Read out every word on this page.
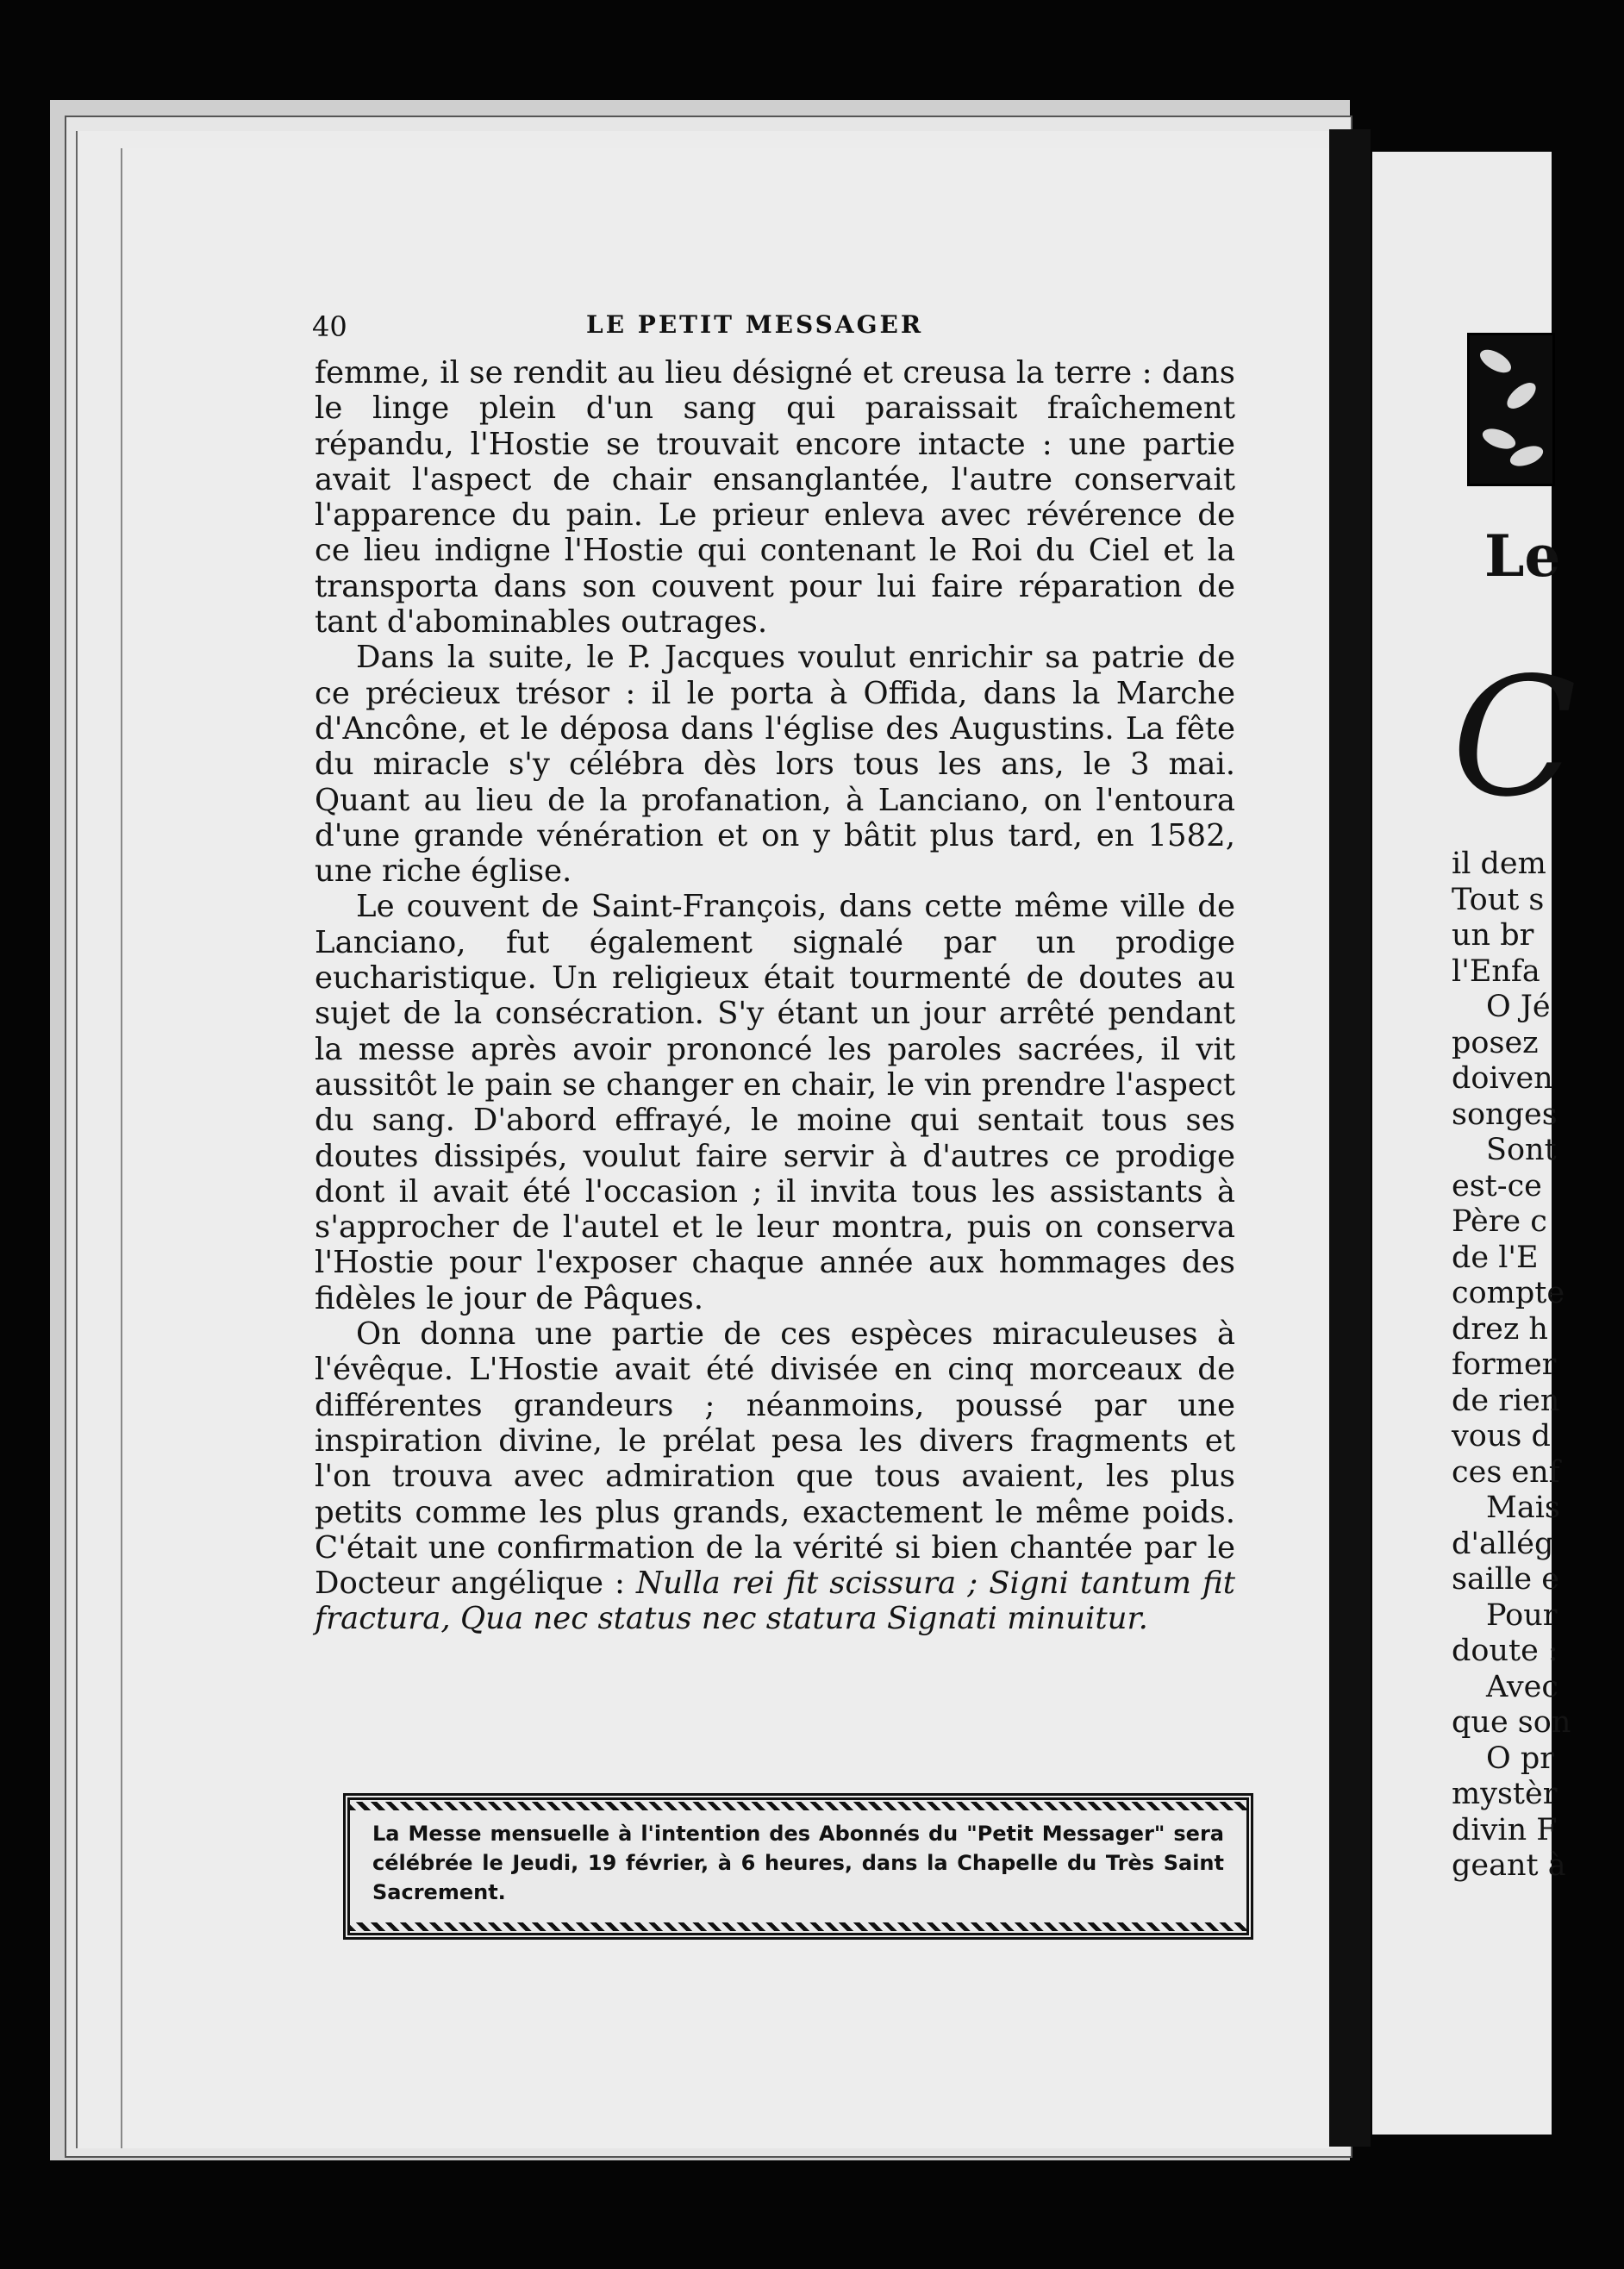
40	LE PETIT MESSAGER

femme, il se rendit au lieu désigné et creusa la terre : dans le linge plein d'un sang qui paraissait fraîchement répandu, l'Hostie se trouvait encore intacte : une partie avait l'aspect de chair ensanglantée, l'autre conservait l'apparence du pain. Le prieur enleva avec révérence de ce lieu indigne l'Hostie qui contenant le Roi du Ciel et la transporta dans son couvent pour lui faire réparation de tant d'abominables outrages.

Dans la suite, le P. Jacques voulut enrichir sa patrie de ce précieux trésor : il le porta à Offida, dans la Marche d'Ancône, et le déposa dans l'église des Augustins. La fête du miracle s'y célébra dès lors tous les ans, le 3 mai. Quant au lieu de la profanation, à Lanciano, on l'entoura d'une grande vénération et on y bâtit plus tard, en 1582, une riche église.

Le couvent de Saint-François, dans cette même ville de Lanciano, fut également signalé par un prodige eucharistique. Un religieux était tourmenté de doutes au sujet de la consécration. S'y étant un jour arrêté pendant la messe après avoir prononcé les paroles sacrées, il vit aussitôt le pain se changer en chair, le vin prendre l'aspect du sang. D'abord effrayé, le moine qui sentait tous ses doutes dissipés, voulut faire servir à d'autres ce prodige dont il avait été l'occasion ; il invita tous les assistants à s'approcher de l'autel et le leur montra, puis on conserva l'Hostie pour l'exposer chaque année aux hommages des fidèles le jour de Pâques.

On donna une partie de ces espèces miraculeuses à l'évêque. L'Hostie avait été divisée en cinq morceaux de différentes grandeurs ; néanmoins, poussé par une inspiration divine, le prélat pesa les divers fragments et l'on trouva avec admiration que tous avaient, les plus petits comme les plus grands, exactement le même poids. C'était une confirmation de la vérité si bien chantée par le Docteur angélique : Nulla rei fit scissura ; Signi tantum fit fractura, Qua nec status nec statura Signati minuitur.

La Messe mensuelle à l'intention des Abonnés du "Petit Messager" sera célébrée le Jeudi, 19 février, à 6 heures, dans la Chapelle du Très Saint Sacrement.
Le
C
il dem
Tout s
un br
l'Enfa
O Jé
posez
doiven
songes
Sont
est-ce
Père c
de l'E
compte
drez h
former
de rien
vous d
ces enf
Mais
d'allég
saille e
Pour
doute :
Avec
que son
O pr
mystèr
divin F
geant à
